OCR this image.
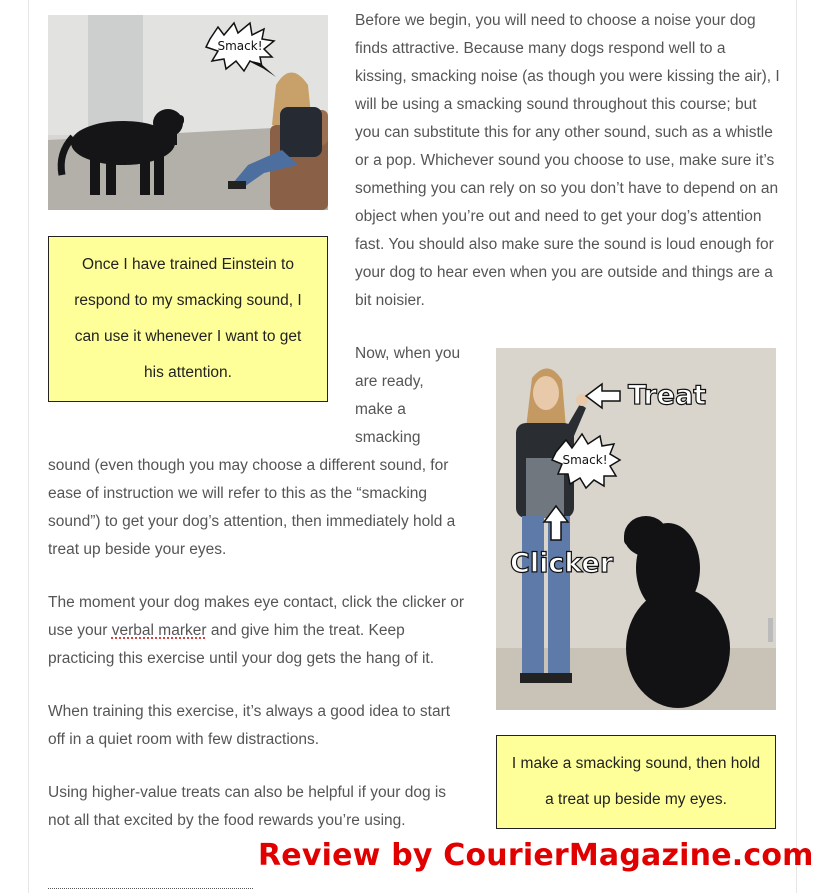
Smack!
Once I have trained Einstein to respond to my smacking sound, I can use it whenever I want to get his attention.

Before we begin, you will need to choose a noise your dog finds attractive. Because many dogs respond well to a kissing, smacking noise (as though you were kissing the air), I will be using a smacking sound throughout this course; but you can substitute this for any other sound, such as a whistle or a pop. Whichever sound you choose to use, make sure it’s something you can rely on so you don’t have to depend on an object when you’re out and need to get your dog’s attention fast. You should also make sure the sound is loud enough for your dog to hear even when you are outside and things are a bit noisier.

Now, when you
are ready,
make a
smacking

sound (even though you may choose a different sound, for ease of instruction we will refer to this as the “smacking sound”) to get your dog’s attention, then immediately hold a treat up beside your eyes.

The moment your dog makes eye contact, click the clicker or use your verbal marker and give him the treat. Keep practicing this exercise until your dog gets the hang of it.

When training this exercise, it’s always a good idea to start off in a quiet room with few distractions.

Using higher-value treats can also be helpful if your dog is not all that excited by the food rewards you’re using.

Smack!
Treat
Clicker
I make a smacking sound, then hold a treat up beside my eyes.
Review by CourierMagazine.com
